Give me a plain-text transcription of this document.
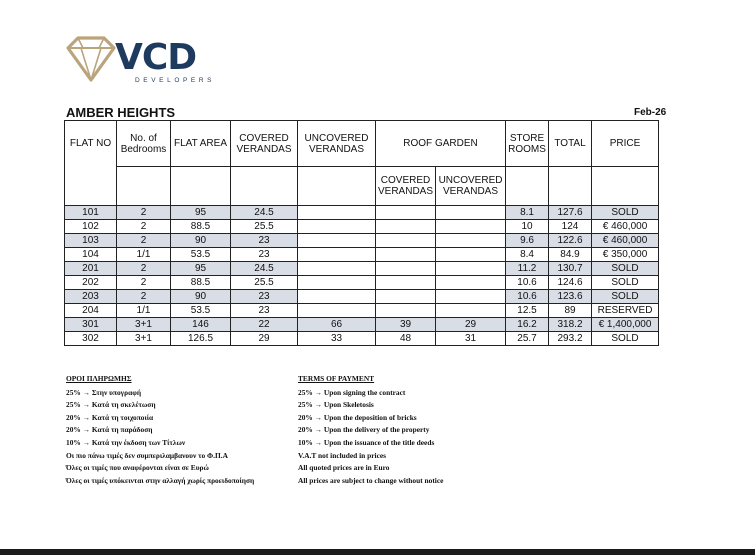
VCD
DEVELOPERS
AMBER HEIGHTS	Feb-26
FLAT NO	No. of Bedrooms	FLAT AREA	COVERED VERANDAS	UNCOVERED VERANDAS	ROOF GARDEN		STORE ROOMS	TOTAL	PRICE
					COVERED VERANDAS	UNCOVERED VERANDAS			
101	2	95	24.5				8.1	127.6	SOLD
102	2	88.5	25.5				10	124	€ 460,000
103	2	90	23				9.6	122.6	€ 460,000
104	1/1	53.5	23				8.4	84.9	€ 350,000
201	2	95	24.5				11.2	130.7	SOLD
202	2	88.5	25.5				10.6	124.6	SOLD
203	2	90	23				10.6	123.6	SOLD
204	1/1	53.5	23				12.5	89	RESERVED
301	3+1	146	22	66	39	29	16.2	318.2	€ 1,400,000
302	3+1	126.5	29	33	48	31	25.7	293.2	SOLD
ΟΡΟΙ ΠΛΗΡΩΜΗΣ
25% → Στην υπογραφή
25% → Κατά τη σκελέτωση
20% → Κατά τη τοιχοποιία
20% → Κατά τη παράδοση
10% → Κατά την έκδοση των Τίτλων
Οι πιο πάνω τιμές δεν συμπεριλαμβανουν το Φ.Π.Α
Όλες οι τιμές που αναφέρονται είναι σε Ευρώ
Όλες οι τιμές υπόκεινται στην αλλαγή χωρίς προειδοποίηση
TERMS OF PAYMENT
25% → Upon signing the contract
25% → Upon Skeletosis
20% → Upon the deposition of bricks
20% → Upon the delivery of the property
10% → Upon the issuance of the title deeds
V.A.T not included in prices
All quoted prices are in Euro
All prices are subject to change without notice
